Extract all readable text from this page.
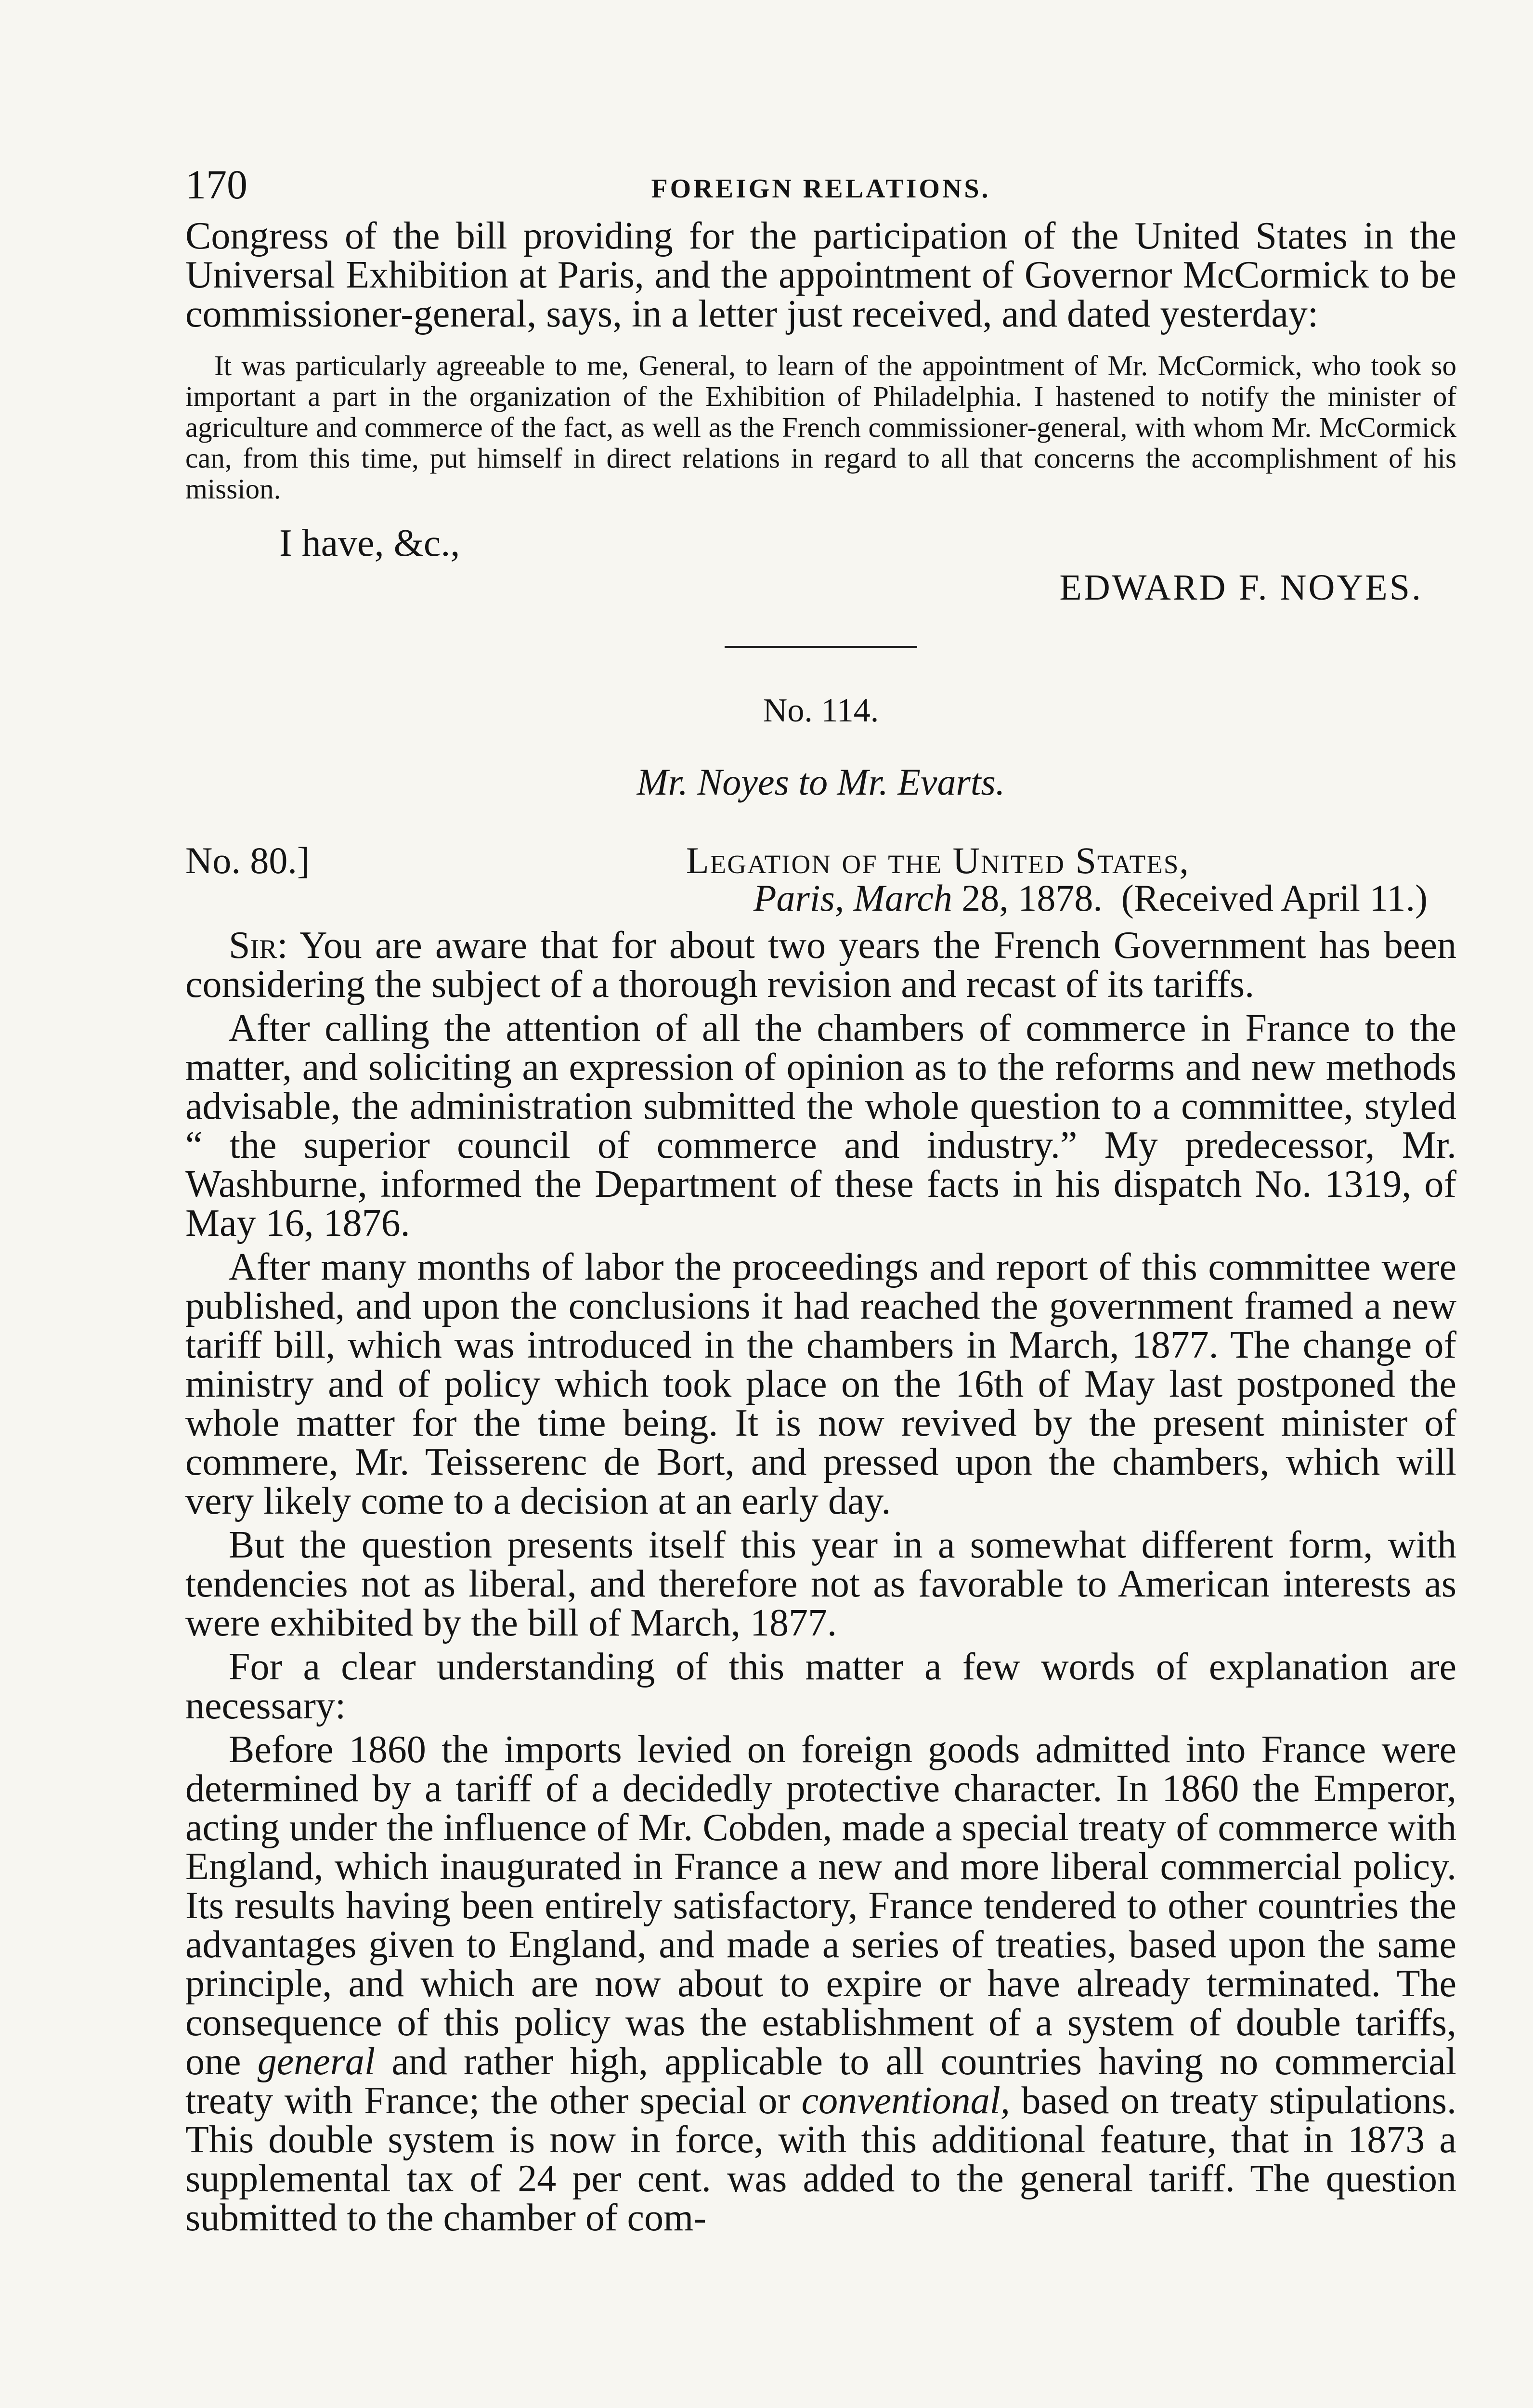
170	FOREIGN RELATIONS.

Congress of the bill providing for the participation of the United States in the Universal Exhibition at Paris, and the appointment of Governor McCormick to be commissioner-general, says, in a letter just received, and dated yesterday:

It was particularly agreeable to me, General, to learn of the appointment of Mr. McCormick, who took so important a part in the organization of the Exhibition of Philadelphia. I hastened to notify the minister of agriculture and commerce of the fact, as well as the French commissioner-general, with whom Mr. McCormick can, from this time, put himself in direct relations in regard to all that concerns the accomplishment of his mission.

I have, &c.,
EDWARD F. NOYES.
No. 114.
Mr. Noyes to Mr. Evarts.
No. 80.]	Legation of the United States,
Paris, March 28, 1878. (Received April 11.)

Sir: You are aware that for about two years the French Government has been considering the subject of a thorough revision and recast of its tariffs.

After calling the attention of all the chambers of commerce in France to the matter, and soliciting an expression of opinion as to the reforms and new methods advisable, the administration submitted the whole question to a committee, styled “ the superior council of commerce and industry.” My predecessor, Mr. Washburne, informed the Department of these facts in his dispatch No. 1319, of May 16, 1876.

After many months of labor the proceedings and report of this committee were published, and upon the conclusions it had reached the government framed a new tariff bill, which was introduced in the chambers in March, 1877. The change of ministry and of policy which took place on the 16th of May last postponed the whole matter for the time being. It is now revived by the present minister of commere, Mr. Teisserenc de Bort, and pressed upon the chambers, which will very likely come to a decision at an early day.

But the question presents itself this year in a somewhat different form, with tendencies not as liberal, and therefore not as favorable to American interests as were exhibited by the bill of March, 1877.

For a clear understanding of this matter a few words of explanation are necessary:

Before 1860 the imports levied on foreign goods admitted into France were determined by a tariff of a decidedly protective character. In 1860 the Emperor, acting under the influence of Mr. Cobden, made a special treaty of commerce with England, which inaugurated in France a new and more liberal commercial policy. Its results having been entirely satisfactory, France tendered to other countries the advantages given to England, and made a series of treaties, based upon the same principle, and which are now about to expire or have already terminated. The consequence of this policy was the establishment of a system of double tariffs, one general and rather high, applicable to all countries having no commercial treaty with France; the other special or conventional, based on treaty stipulations. This double system is now in force, with this additional feature, that in 1873 a supplemental tax of 24 per cent. was added to the general tariff. The question submitted to the chamber of com-
